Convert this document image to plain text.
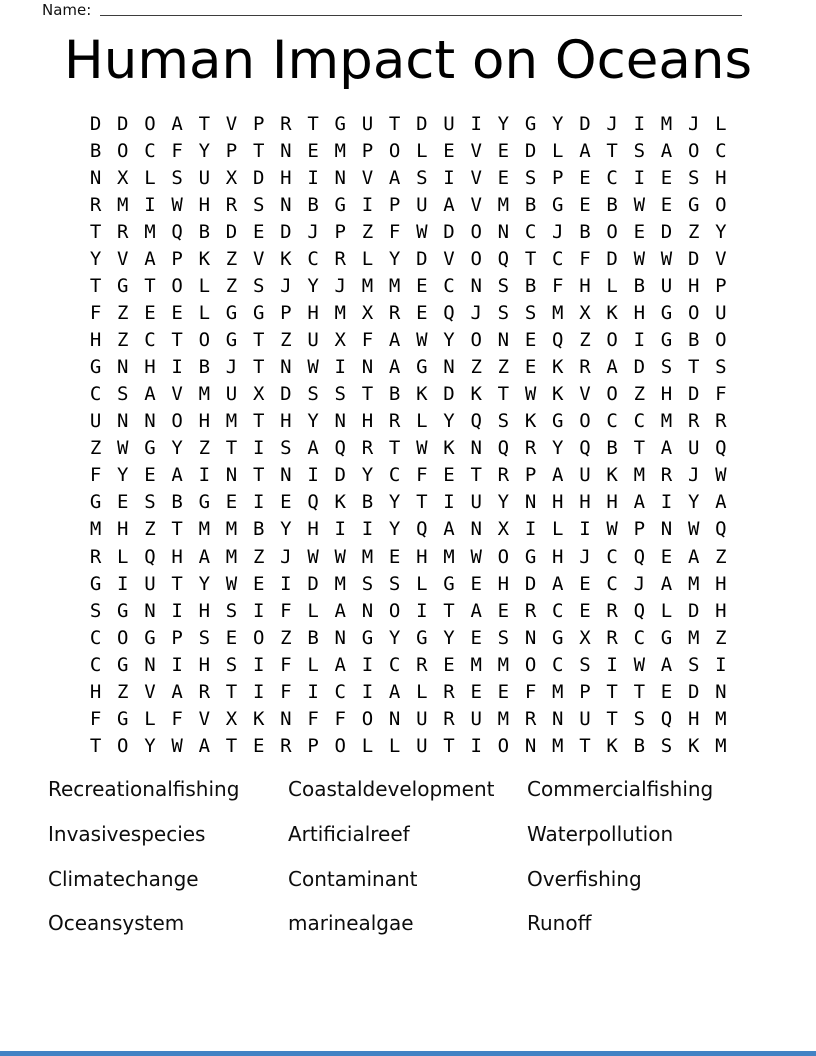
Name:
Human Impact on Oceans
D D O A T V P R T G U T D U I Y G Y D J I M J L
B O C F Y P T N E M P O L E V E D L A T S A O C
N X L S U X D H I N V A S I V E S P E C I E S H
R M I W H R S N B G I P U A V M B G E B W E G O
T R M Q B D E D J P Z F W D O N C J B O E D Z Y
Y V A P K Z V K C R L Y D V O Q T C F D W W D V
T G T O L Z S J Y J M M E C N S B F H L B U H P
F Z E E L G G P H M X R E Q J S S M X K H G O U
H Z C T O G T Z U X F A W Y O N E Q Z O I G B O
G N H I B J T N W I N A G N Z Z E K R A D S T S
C S A V M U X D S S T B K D K T W K V O Z H D F
U N N O H M T H Y N H R L Y Q S K G O C C M R R
Z W G Y Z T I S A Q R T W K N Q R Y Q B T A U Q
F Y E A I N T N I D Y C F E T R P A U K M R J W
G E S B G E I E Q K B Y T I U Y N H H H A I Y A
M H Z T M M B Y H I I Y Q A N X I L I W P N W Q
R L Q H A M Z J W W M E H M W O G H J C Q E A Z
G I U T Y W E I D M S S L G E H D A E C J A M H
S G N I H S I F L A N O I T A E R C E R Q L D H
C O G P S E O Z B N G Y G Y E S N G X R C G M Z
C G N I H S I F L A I C R E M M O C S I W A S I
H Z V A R T I F I C I A L R E E F M P T T E D N
F G L F V X K N F F O N U R U M R N U T S Q H M
T O Y W A T E R P O L L U T I O N M T K B S K M
Recreationalfishing	Coastaldevelopment	Commercialfishing
Invasivespecies	Artificialreef	Waterpollution
Climatechange	Contaminant	Overfishing
Oceansystem	marinealgae	Runoff
